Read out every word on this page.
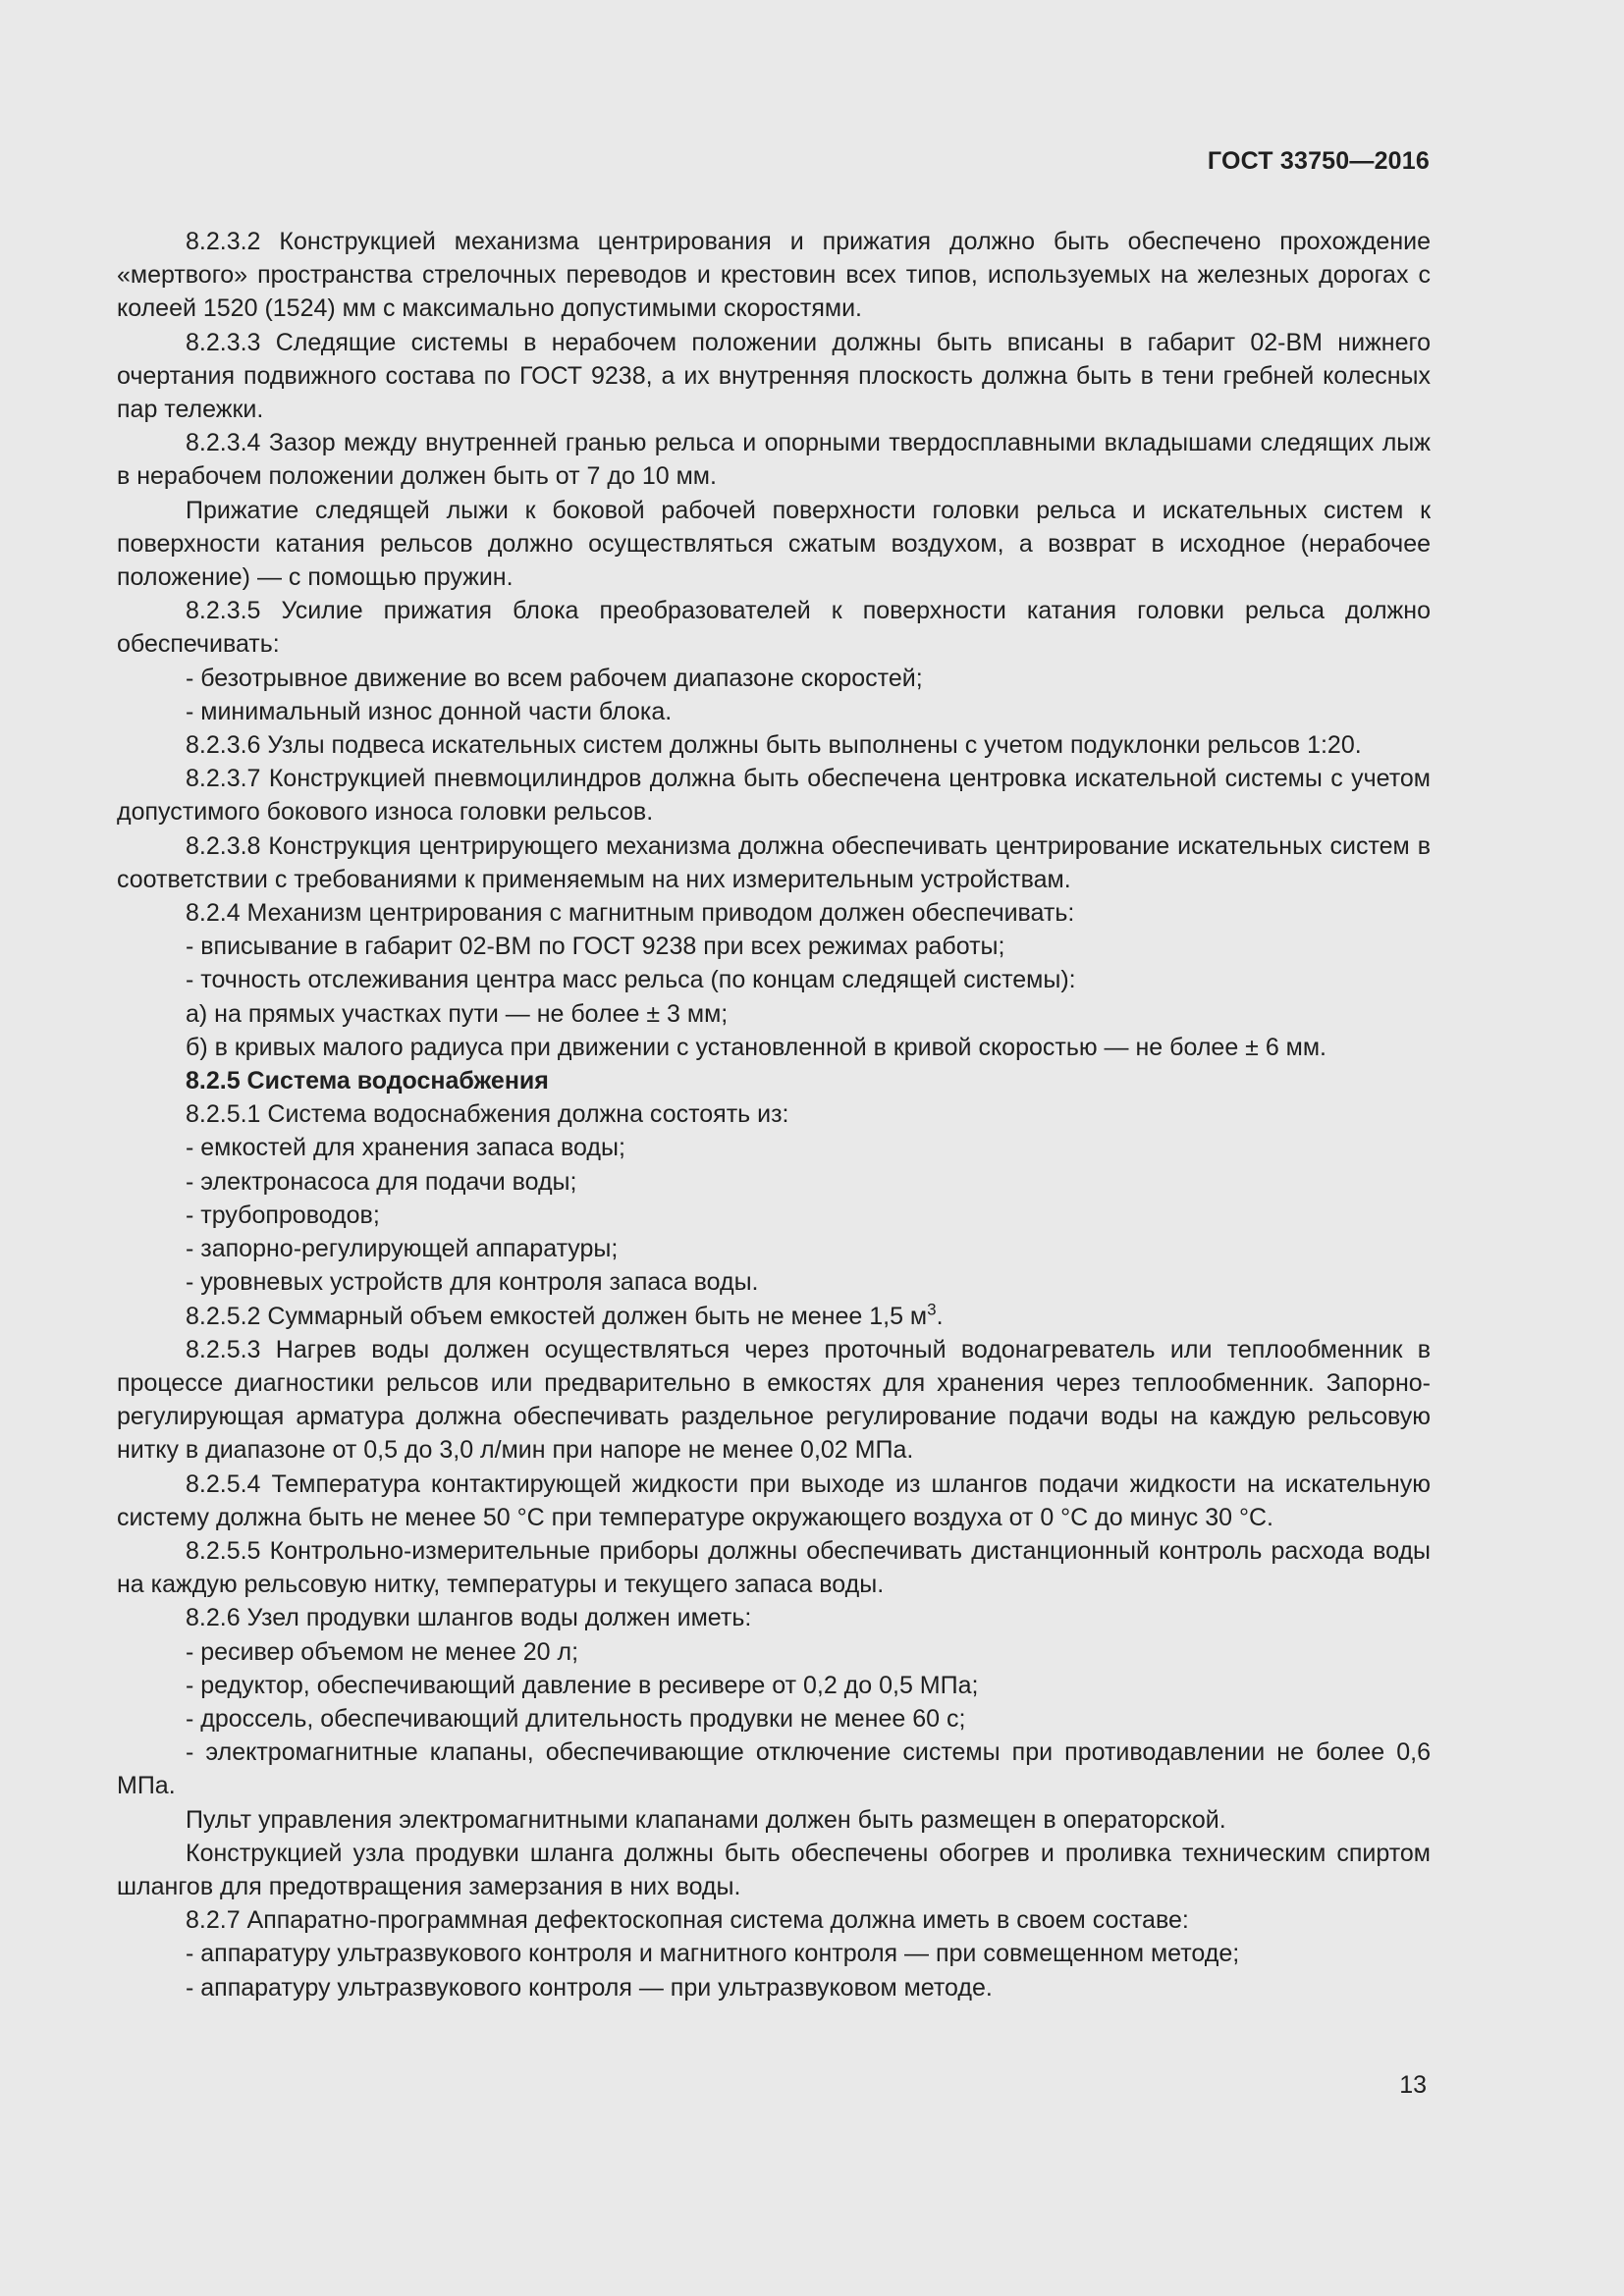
ГОСТ 33750—2016

8.2.3.2 Конструкцией механизма центрирования и прижатия должно быть обеспечено прохождение «мертвого» пространства стрелочных переводов и крестовин всех типов, используемых на железных дорогах с колеей 1520 (1524) мм с максимально допустимыми скоростями.

8.2.3.3 Следящие системы в нерабочем положении должны быть вписаны в габарит 02-ВМ нижнего очертания подвижного состава по ГОСТ 9238, а их внутренняя плоскость должна быть в тени гребней колесных пар тележки.

8.2.3.4 Зазор между внутренней гранью рельса и опорными твердосплавными вкладышами следящих лыж в нерабочем положении должен быть от 7 до 10 мм.

Прижатие следящей лыжи к боковой рабочей поверхности головки рельса и искательных систем к поверхности катания рельсов должно осуществляться сжатым воздухом, а возврат в исходное (нерабочее положение) — с помощью пружин.

8.2.3.5 Усилие прижатия блока преобразователей к поверхности катания головки рельса должно обеспечивать:

- безотрывное движение во всем рабочем диапазоне скоростей;

- минимальный износ донной части блока.

8.2.3.6 Узлы подвеса искательных систем должны быть выполнены с учетом подуклонки рельсов 1:20.

8.2.3.7 Конструкцией пневмоцилиндров должна быть обеспечена центровка искательной системы с учетом допустимого бокового износа головки рельсов.

8.2.3.8 Конструкция центрирующего механизма должна обеспечивать центрирование искательных систем в соответствии с требованиями к применяемым на них измерительным устройствам.

8.2.4 Механизм центрирования с магнитным приводом должен обеспечивать:

- вписывание в габарит 02-ВМ по ГОСТ 9238 при всех режимах работы;

- точность отслеживания центра масс рельса (по концам следящей системы):

а) на прямых участках пути — не более ± 3 мм;

б) в кривых малого радиуса при движении с установленной в кривой скоростью — не более ± 6 мм.

8.2.5 Система водоснабжения

8.2.5.1 Система водоснабжения должна состоять из:

- емкостей для хранения запаса воды;

- электронасоса для подачи воды;

- трубопроводов;

- запорно-регулирующей аппаратуры;

- уровневых устройств для контроля запаса воды.

8.2.5.2 Суммарный объем емкостей должен быть не менее 1,5 $м^3$.

8.2.5.3 Нагрев воды должен осуществляться через проточный водонагреватель или теплообменник в процессе диагностики рельсов или предварительно в емкостях для хранения через теплообменник. Запорно-регулирующая арматура должна обеспечивать раздельное регулирование подачи воды на каждую рельсовую нитку в диапазоне от 0,5 до 3,0 л/мин при напоре не менее 0,02 МПа.

8.2.5.4 Температура контактирующей жидкости при выходе из шлангов подачи жидкости на искательную систему должна быть не менее 50 °С при температуре окружающего воздуха от 0 °С до минус 30 °С.

8.2.5.5 Контрольно-измерительные приборы должны обеспечивать дистанционный контроль расхода воды на каждую рельсовую нитку, температуры и текущего запаса воды.

8.2.6 Узел продувки шлангов воды должен иметь:

- ресивер объемом не менее 20 л;

- редуктор, обеспечивающий давление в ресивере от 0,2 до 0,5 МПа;

- дроссель, обеспечивающий длительность продувки не менее 60 с;

- электромагнитные клапаны, обеспечивающие отключение системы при противодавлении не более 0,6 МПа.

Пульт управления электромагнитными клапанами должен быть размещен в операторской.

Конструкцией узла продувки шланга должны быть обеспечены обогрев и проливка техническим спиртом шлангов для предотвращения замерзания в них воды.

8.2.7 Аппаратно-программная дефектоскопная система должна иметь в своем составе:

- аппаратуру ультразвукового контроля и магнитного контроля — при совмещенном методе;

- аппаратуру ультразвукового контроля — при ультразвуковом методе.

13
